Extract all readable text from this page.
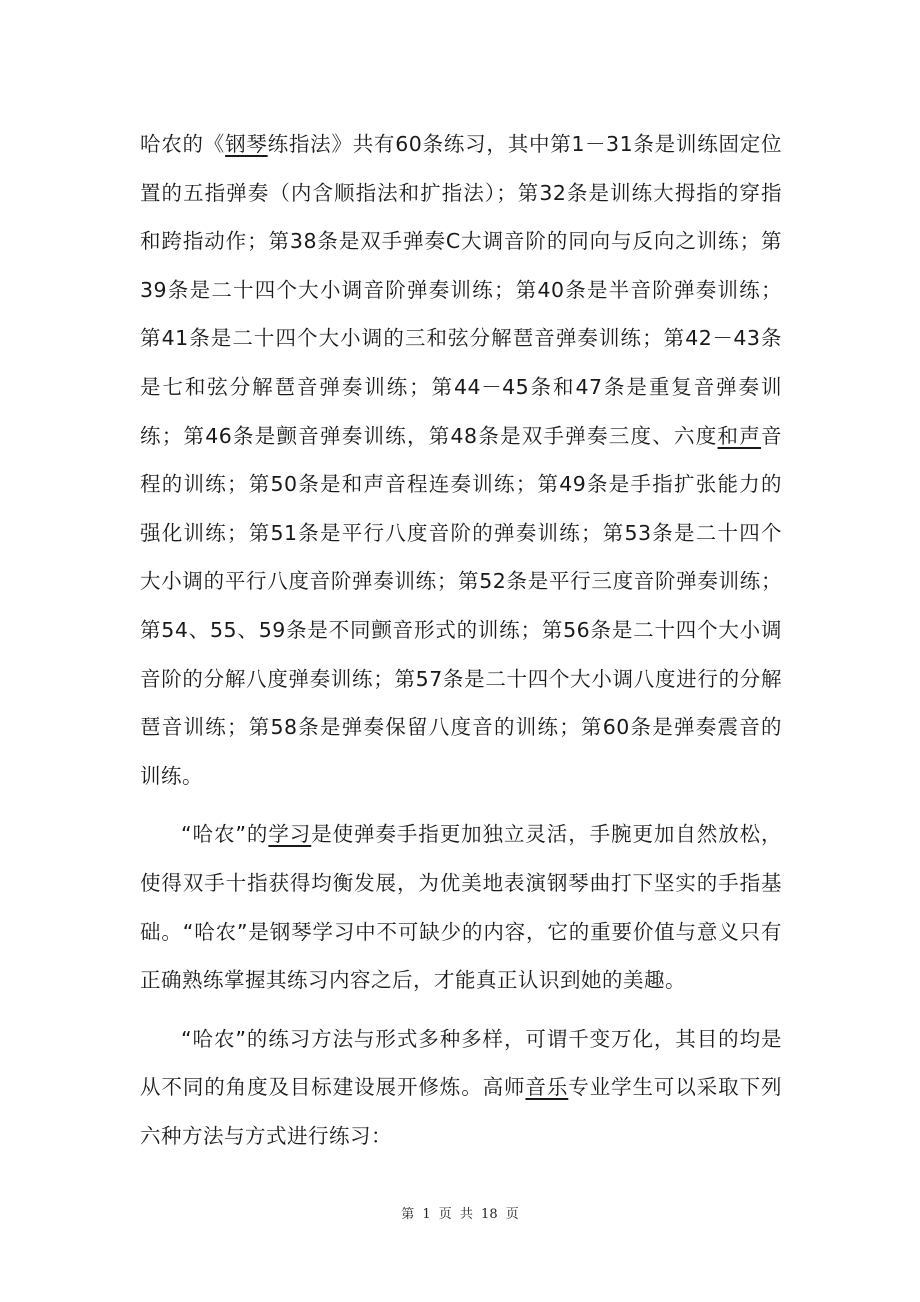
哈农的《钢琴练指法》共有60条练习，其中第1－31条是训练固定位置的五指弹奏（内含顺指法和扩指法）；第32条是训练大拇指的穿指和跨指动作；第38条是双手弹奏C大调音阶的同向与反向之训练；第39条是二十四个大小调音阶弹奏训练；第40条是半音阶弹奏训练；第41条是二十四个大小调的三和弦分解琶音弹奏训练；第42－43条是七和弦分解琶音弹奏训练；第44－45条和47条是重复音弹奏训练；第46条是颤音弹奏训练，第48条是双手弹奏三度、六度和声音程的训练；第50条是和声音程连奏训练；第49条是手指扩张能力的强化训练；第51条是平行八度音阶的弹奏训练；第53条是二十四个大小调的平行八度音阶弹奏训练；第52条是平行三度音阶弹奏训练；第54、55、59条是不同颤音形式的训练；第56条是二十四个大小调音阶的分解八度弹奏训练；第57条是二十四个大小调八度进行的分解琶音训练；第58条是弹奏保留八度音的训练；第60条是弹奏震音的训练。

“哈农”的学习是使弹奏手指更加独立灵活，手腕更加自然放松，使得双手十指获得均衡发展，为优美地表演钢琴曲打下坚实的手指基础。“哈农”是钢琴学习中不可缺少的内容，它的重要价值与意义只有正确熟练掌握其练习内容之后，才能真正认识到她的美趣。

“哈农”的练习方法与形式多种多样，可谓千变万化，其目的均是从不同的角度及目标建设展开修炼。高师音乐专业学生可以采取下列六种方法与方式进行练习：

第 1 页 共 18 页
